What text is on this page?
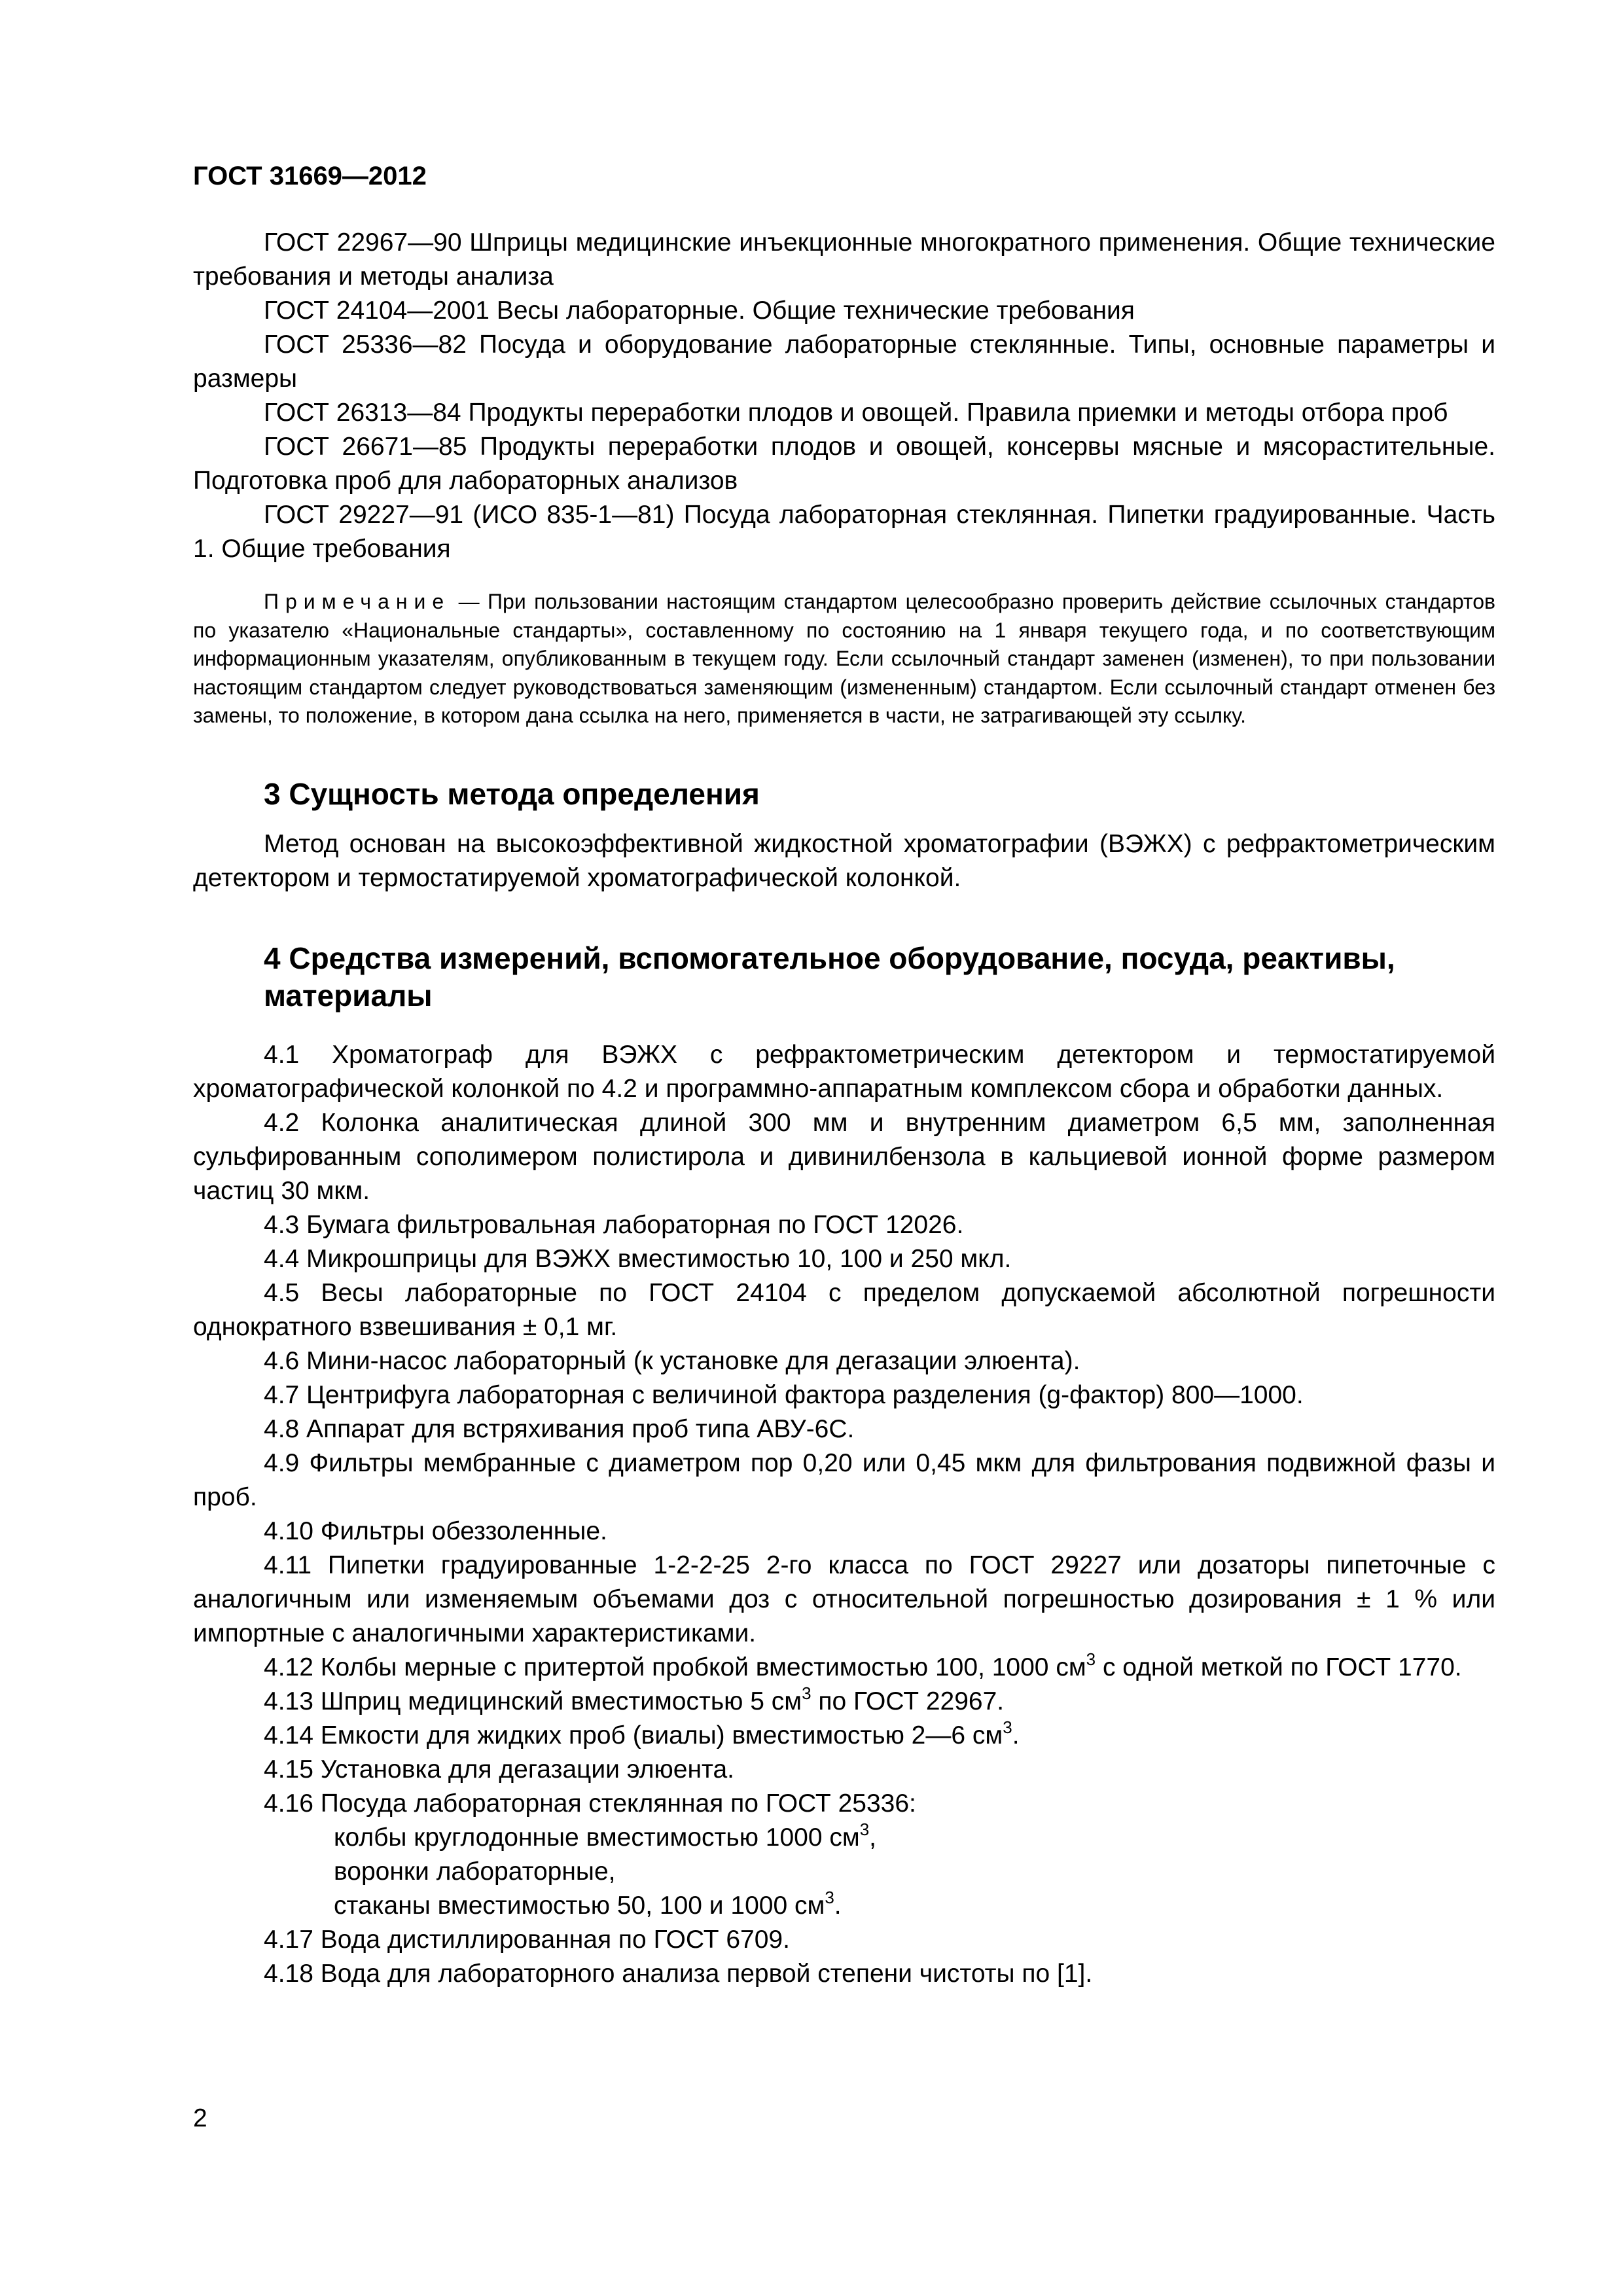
ГОСТ 31669—2012

ГОСТ 22967—90 Шприцы медицинские инъекционные многократного применения. Общие технические требования и методы анализа

ГОСТ 24104—2001 Весы лабораторные. Общие технические требования

ГОСТ 25336—82 Посуда и оборудование лабораторные стеклянные. Типы, основные параметры и размеры

ГОСТ 26313—84 Продукты переработки плодов и овощей. Правила приемки и методы отбора проб

ГОСТ 26671—85 Продукты переработки плодов и овощей, консервы мясные и мясорастительные. Подготовка проб для лабораторных анализов

ГОСТ 29227—91 (ИСО 835-1—81) Посуда лабораторная стеклянная. Пипетки градуированные. Часть 1. Общие требования

Примечание — При пользовании настоящим стандартом целесообразно проверить действие ссылочных стандартов по указателю «Национальные стандарты», составленному по состоянию на 1 января текущего года, и по соответствующим информационным указателям, опубликованным в текущем году. Если ссылочный стандарт заменен (изменен), то при пользовании настоящим стандартом следует руководствоваться заменяющим (измененным) стандартом. Если ссылочный стандарт отменен без замены, то положение, в котором дана ссылка на него, применяется в части, не затрагивающей эту ссылку.

3 Сущность метода определения

Метод основан на высокоэффективной жидкостной хроматографии (ВЭЖХ) с рефрактометрическим детектором и термостатируемой хроматографической колонкой.

4 Средства измерений, вспомогательное оборудование, посуда, реактивы, материалы

4.1 Хроматограф для ВЭЖХ с рефрактометрическим детектором и термостатируемой хроматографической колонкой по 4.2 и программно-аппаратным комплексом сбора и обработки данных.

4.2 Колонка аналитическая длиной 300 мм и внутренним диаметром 6,5 мм, заполненная сульфированным сополимером полистирола и дивинилбензола в кальциевой ионной форме размером частиц 30 мкм.

4.3 Бумага фильтровальная лабораторная по ГОСТ 12026.

4.4 Микрошприцы для ВЭЖХ вместимостью 10, 100 и 250 мкл.

4.5 Весы лабораторные по ГОСТ 24104 с пределом допускаемой абсолютной погрешности однократного взвешивания ± 0,1 мг.

4.6 Мини-насос лабораторный (к установке для дегазации элюента).

4.7 Центрифуга лабораторная с величиной фактора разделения (g-фактор) 800—1000.

4.8 Аппарат для встряхивания проб типа АВУ-6С.

4.9 Фильтры мембранные с диаметром пор 0,20 или 0,45 мкм для фильтрования подвижной фазы и проб.

4.10 Фильтры обеззоленные.

4.11 Пипетки градуированные 1-2-2-25 2-го класса по ГОСТ 29227 или дозаторы пипеточные с аналогичным или изменяемым объемами доз с относительной погрешностью дозирования ± 1 % или импортные с аналогичными характеристиками.

4.12 Колбы мерные с притертой пробкой вместимостью 100, 1000 $см^3$ с одной меткой по ГОСТ 1770.

4.13 Шприц медицинский вместимостью 5 $см^3$ по ГОСТ 22967.

4.14 Емкости для жидких проб (виалы) вместимостью 2—6 $см^3$.

4.15 Установка для дегазации элюента.

4.16 Посуда лабораторная стеклянная по ГОСТ 25336:

колбы круглодонные вместимостью 1000 $см^3$,

воронки лабораторные,

стаканы вместимостью 50, 100 и 1000 $см^3$.

4.17 Вода дистиллированная по ГОСТ 6709.

4.18 Вода для лабораторного анализа первой степени чистоты по [1].

2
